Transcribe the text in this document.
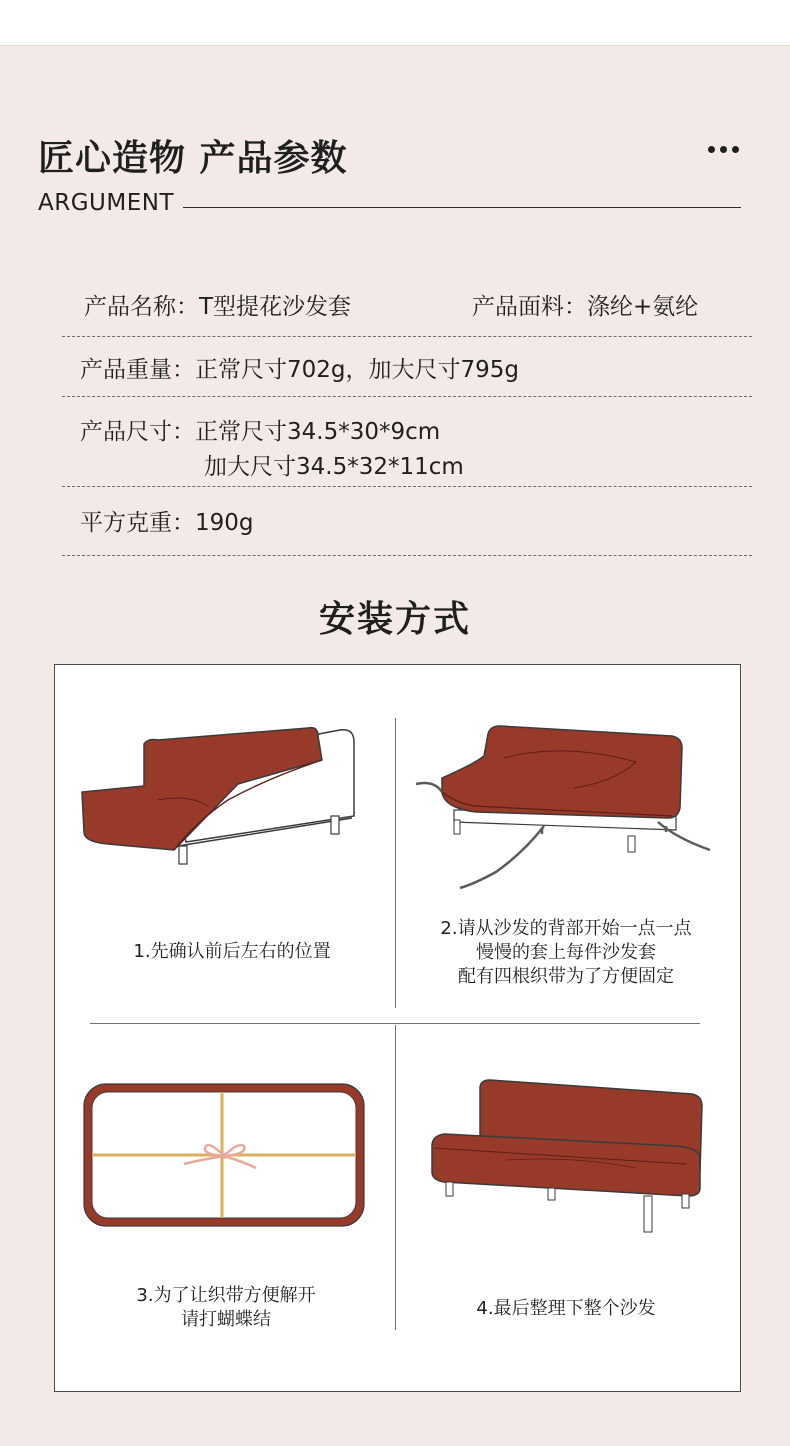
匠心造物 产品参数
ARGUMENT
产品名称：T型提花沙发套	产品面料：涤纶+氨纶
产品重量：正常尺寸702g，加大尺寸795g
产品尺寸：正常尺寸34.5*30*9cm
加大尺寸34.5*32*11cm
平方克重：190g
安装方式
1.先确认前后左右的位置
2.请从沙发的背部开始一点一点
慢慢的套上每件沙发套
配有四根织带为了方便固定
3.为了让织带方便解开
请打蝴蝶结
4.最后整理下整个沙发
